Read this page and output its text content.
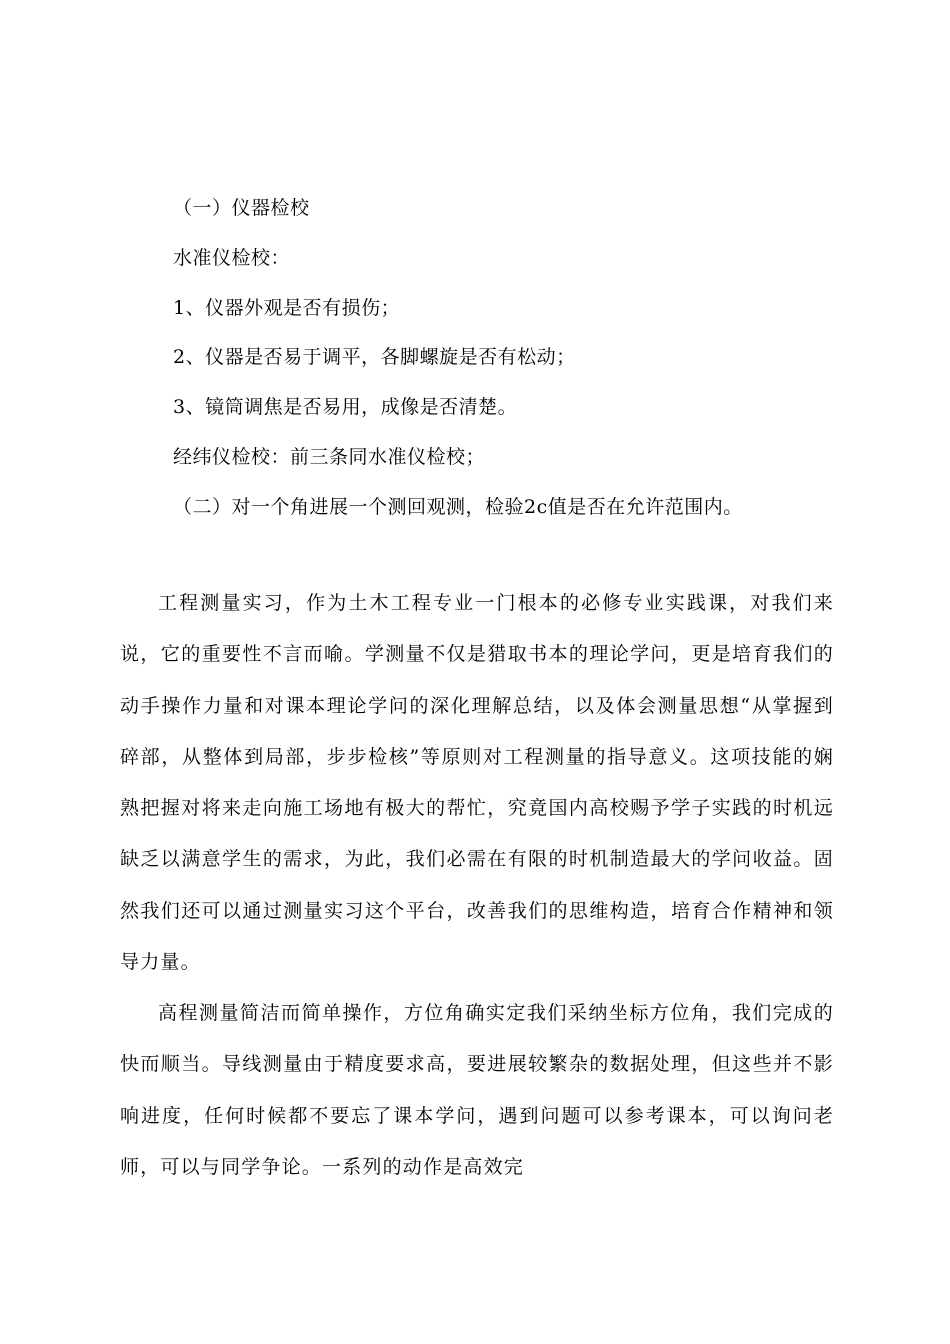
（一）仪器检校
水准仪检校：
1、仪器外观是否有损伤；
2、仪器是否易于调平，各脚螺旋是否有松动；
3、镜筒调焦是否易用，成像是否清楚。
经纬仪检校：前三条同水准仪检校；
（二）对一个角进展一个测回观测，检验2c值是否在允许范围内。

工程测量实习，作为土木工程专业一门根本的必修专业实践课，对我们来说，它的重要性不言而喻。学测量不仅是猎取书本的理论学问，更是培育我们的动手操作力量和对课本理论学问的深化理解总结，以及体会测量思想“从掌握到碎部，从整体到局部，步步检核”等原则对工程测量的指导意义。这项技能的娴熟把握对将来走向施工场地有极大的帮忙，究竟国内高校赐予学子实践的时机远缺乏以满意学生的需求，为此，我们必需在有限的时机制造最大的学问收益。固然我们还可以通过测量实习这个平台，改善我们的思维构造，培育合作精神和领导力量。

高程测量简洁而简单操作，方位角确实定我们采纳坐标方位角，我们完成的快而顺当。导线测量由于精度要求高，要进展较繁杂的数据处理，但这些并不影响进度，任何时候都不要忘了课本学问，遇到问题可以参考课本，可以询问老师，可以与同学争论。一系列的动作是高效完
